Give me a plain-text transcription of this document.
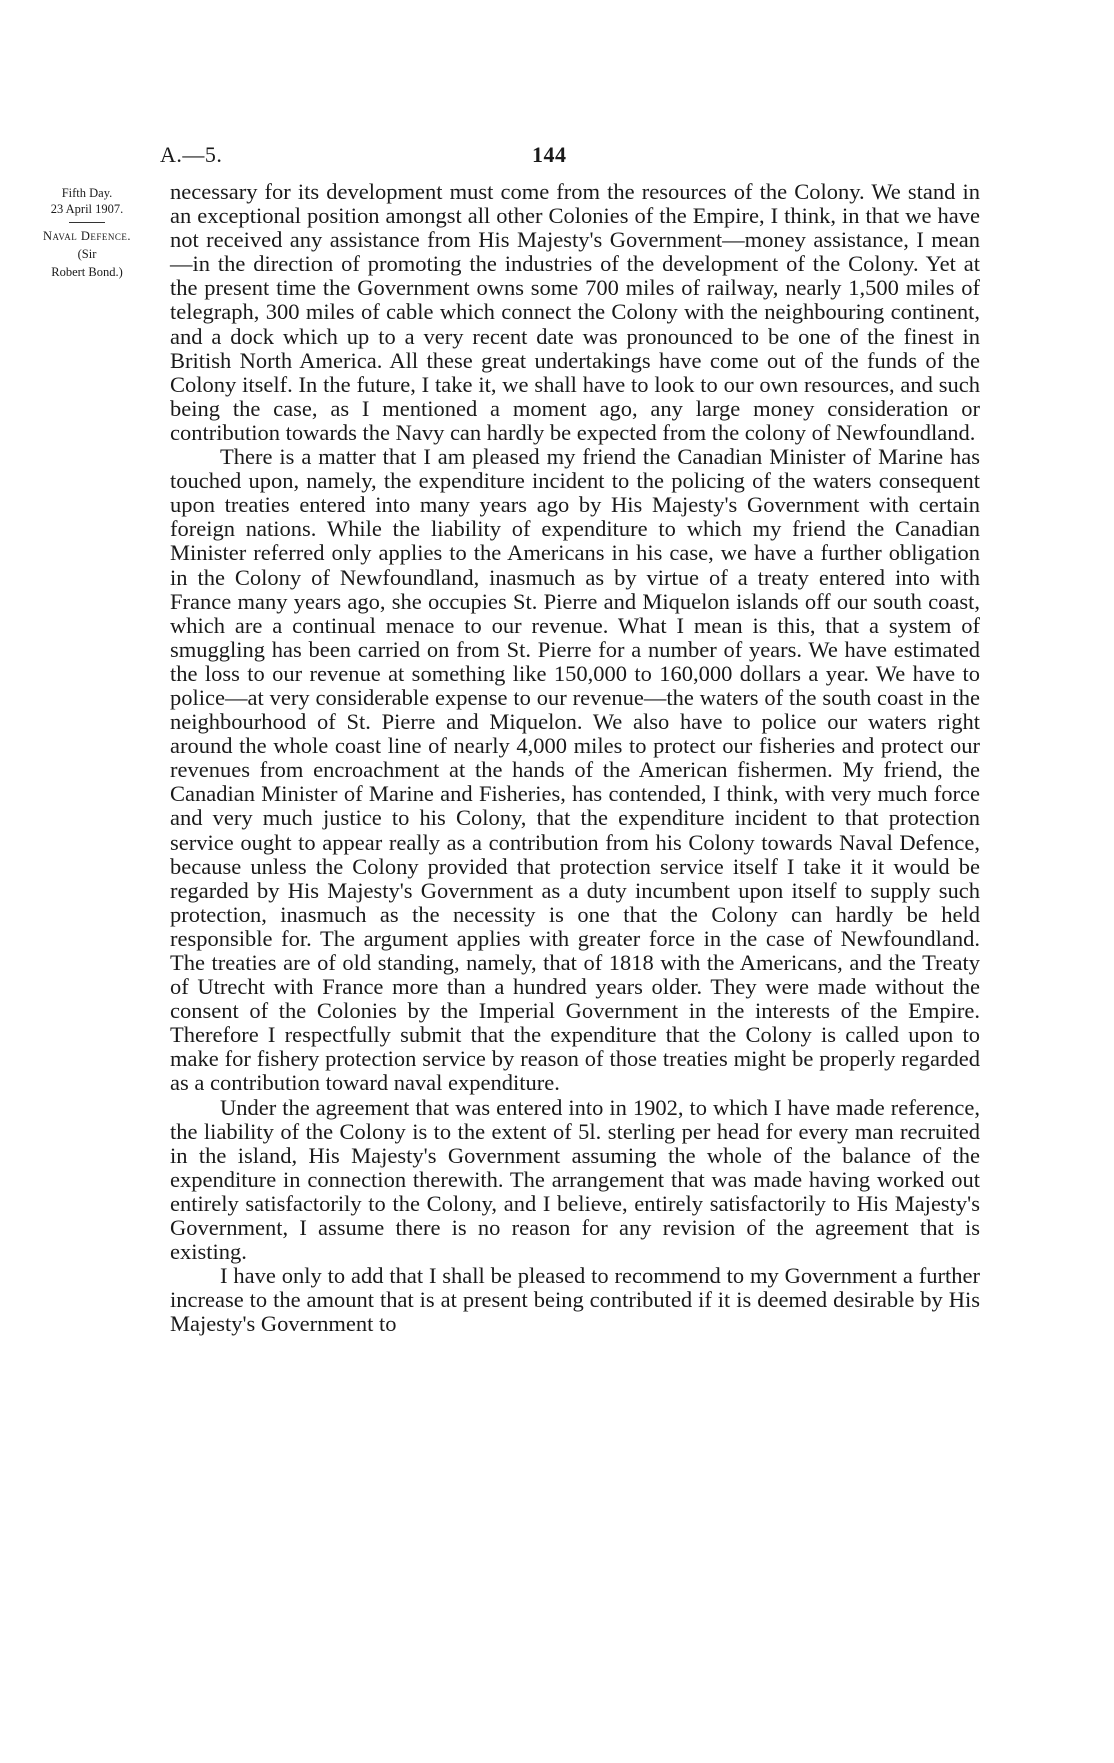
A.—5.	144
Fifth Day.
23 April 1907.
Naval Defence.
(Sir
Robert Bond.)

necessary for its development must come from the resources of the Colony. We stand in an exceptional position amongst all other Colonies of the Empire, I think, in that we have not received any assistance from His Majesty's Government—money assistance, I mean—in the direction of promoting the industries of the development of the Colony. Yet at the present time the Government owns some 700 miles of railway, nearly 1,500 miles of telegraph, 300 miles of cable which connect the Colony with the neighbouring continent, and a dock which up to a very recent date was pronounced to be one of the finest in British North America. All these great undertakings have come out of the funds of the Colony itself. In the future, I take it, we shall have to look to our own resources, and such being the case, as I mentioned a moment ago, any large money consideration or contribution towards the Navy can hardly be expected from the colony of Newfoundland.

There is a matter that I am pleased my friend the Canadian Minister of Marine has touched upon, namely, the expenditure incident to the policing of the waters consequent upon treaties entered into many years ago by His Majesty's Government with certain foreign nations. While the liability of expenditure to which my friend the Canadian Minister referred only applies to the Americans in his case, we have a further obligation in the Colony of Newfoundland, inasmuch as by virtue of a treaty entered into with France many years ago, she occupies St. Pierre and Miquelon islands off our south coast, which are a continual menace to our revenue. What I mean is this, that a system of smuggling has been carried on from St. Pierre for a number of years. We have estimated the loss to our revenue at something like 150,000 to 160,000 dollars a year. We have to police—at very considerable expense to our revenue—the waters of the south coast in the neighbourhood of St. Pierre and Miquelon. We also have to police our waters right around the whole coast line of nearly 4,000 miles to protect our fisheries and protect our revenues from encroachment at the hands of the American fishermen. My friend, the Canadian Minister of Marine and Fisheries, has contended, I think, with very much force and very much justice to his Colony, that the expenditure incident to that protection service ought to appear really as a contribution from his Colony towards Naval Defence, because unless the Colony provided that protection service itself I take it it would be regarded by His Majesty's Government as a duty incumbent upon itself to supply such protection, inasmuch as the necessity is one that the Colony can hardly be held responsible for. The argument applies with greater force in the case of Newfoundland. The treaties are of old standing, namely, that of 1818 with the Americans, and the Treaty of Utrecht with France more than a hundred years older. They were made without the consent of the Colonies by the Imperial Government in the interests of the Empire. Therefore I respectfully submit that the expenditure that the Colony is called upon to make for fishery protection service by reason of those treaties might be properly regarded as a contribution toward naval expenditure.

Under the agreement that was entered into in 1902, to which I have made reference, the liability of the Colony is to the extent of 5l. sterling per head for every man recruited in the island, His Majesty's Government assuming the whole of the balance of the expenditure in connection therewith. The arrangement that was made having worked out entirely satisfactorily to the Colony, and I believe, entirely satisfactorily to His Majesty's Government, I assume there is no reason for any revision of the agreement that is existing.

I have only to add that I shall be pleased to recommend to my Government a further increase to the amount that is at present being contributed if it is deemed desirable by His Majesty's Government to
